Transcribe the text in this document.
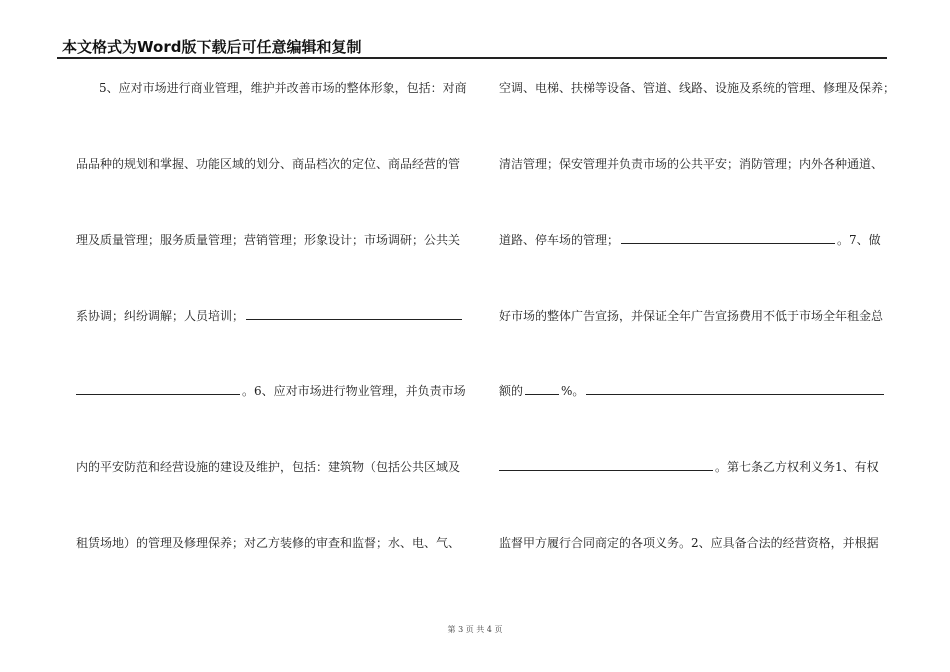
本文格式为Word版下载后可任意编辑和复制
5、应对市场进行商业管理，维护并改善市场的整体形象，包括：对商
品品种的规划和掌握、功能区域的划分、商品档次的定位、商品经营的管
理及质量管理；服务质量管理；营销管理；形象设计；市场调研；公共关
系协调；纠纷调解；人员培训；
。6、应对市场进行物业管理，并负责市场
内的平安防范和经营设施的建设及维护，包括：建筑物（包括公共区域及
租赁场地）的管理及修理保养；对乙方装修的审查和监督；水、电、气、
空调、电梯、扶梯等设备、管道、线路、设施及系统的管理、修理及保养；
清洁管理；保安管理并负责市场的公共平安；消防管理；内外各种通道、
道路、停车场的管理；	。7、做
好市场的整体广告宣扬，并保证全年广告宣扬费用不低于市场全年租金总
额的	%。
。第七条乙方权利义务1、有权
监督甲方履行合同商定的各项义务。2、应具备合法的经营资格，并根据
第 3 页 共 4 页
